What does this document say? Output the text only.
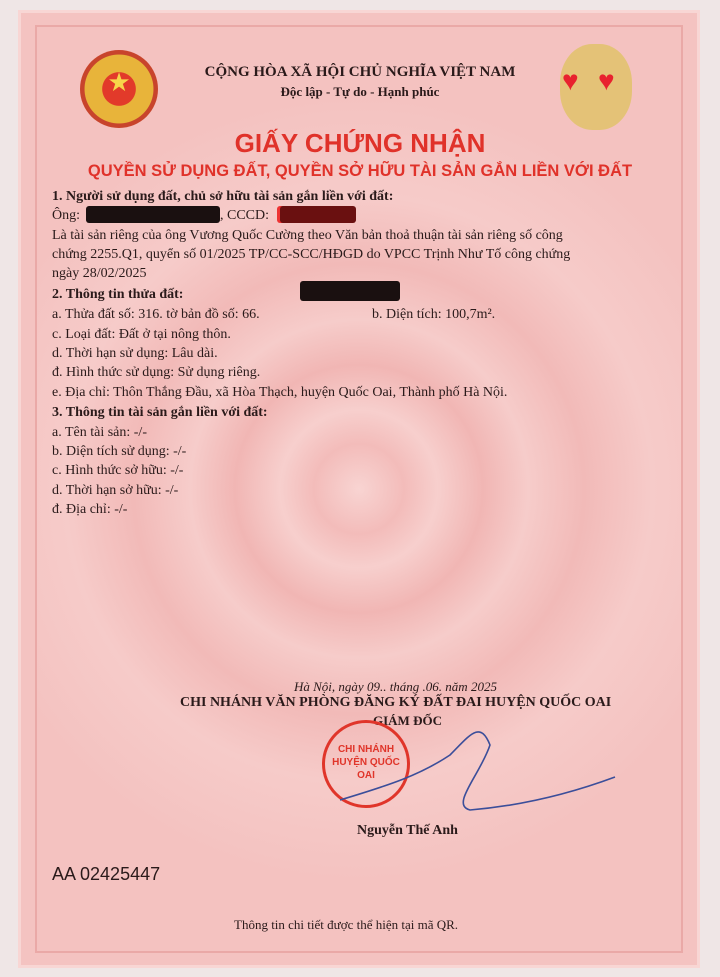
★	♥ ♥
CỘNG HÒA XÃ HỘI CHỦ NGHĨA VIỆT NAM
Độc lập - Tự do - Hạnh phúc
GIẤY CHỨNG NHẬN
QUYỀN SỬ DỤNG ĐẤT, QUYỀN SỞ HỮU TÀI SẢN GẮN LIỀN VỚI ĐẤT
1. Người sử dụng đất, chủ sở hữu tài sản gắn liền với đất:
Ông:	, CCCD:
Là tài sản riêng của ông Vương Quốc Cường theo Văn bản thoả thuận tài sản riêng số công
chứng 2255.Q1, quyển số 01/2025 TP/CC-SCC/HĐGD do VPCC Trịnh Như Tố công chứng
ngày 28/02/2025
2. Thông tin thửa đất:
a. Thửa đất số: 316. tờ bản đồ số: 66.	b. Diện tích: 100,7m².
c. Loại đất: Đất ở tại nông thôn.
d. Thời hạn sử dụng: Lâu dài.
đ. Hình thức sử dụng: Sử dụng riêng.
e. Địa chỉ: Thôn Thắng Đầu, xã Hòa Thạch, huyện Quốc Oai, Thành phố Hà Nội.
3. Thông tin tài sản gắn liền với đất:
a. Tên tài sản: -/-
b. Diện tích sử dụng: -/-
c. Hình thức sở hữu: -/-
d. Thời hạn sở hữu: -/-
đ. Địa chỉ: -/-
Hà Nội, ngày 09.. tháng .06. năm 2025
CHI NHÁNH VĂN PHÒNG ĐĂNG KÝ ĐẤT ĐAI HUYỆN QUỐC OAI
GIÁM ĐỐC
CHI NHÁNH HUYỆN QUỐC OAI
Nguyễn Thế Anh
AA 02425447
Thông tin chi tiết được thể hiện tại mã QR.
